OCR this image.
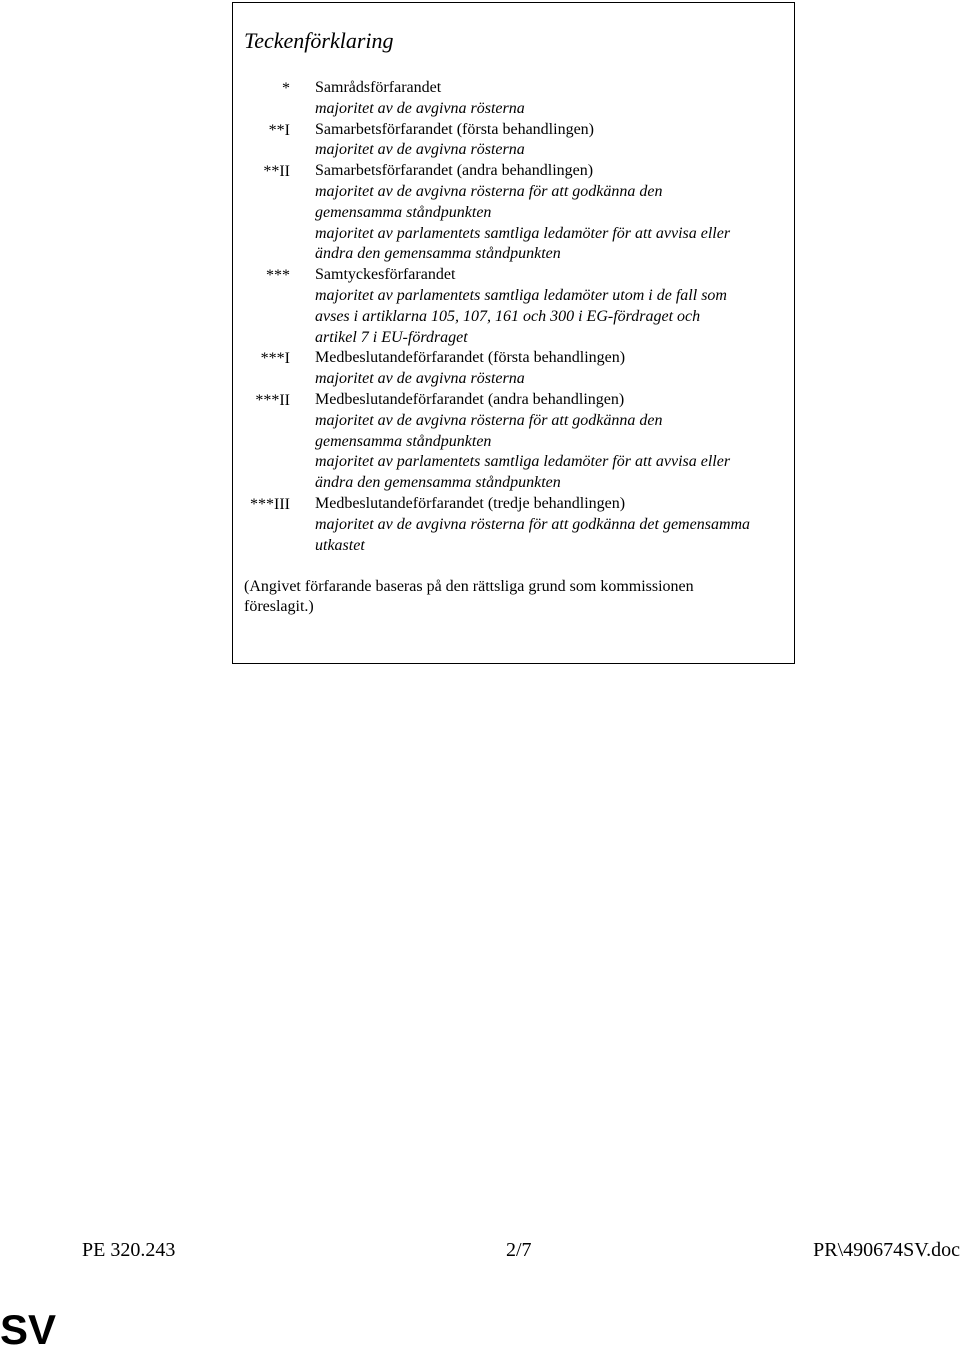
Teckenförklaring
* Samrådsförfarandet
majoritet av de avgivna rösterna
**I Samarbetsförfarandet (första behandlingen)
majoritet av de avgivna rösterna
**II Samarbetsförfarandet (andra behandlingen)
majoritet av de avgivna rösterna för att godkänna den
gemensamma ståndpunkten
majoritet av parlamentets samtliga ledamöter för att avvisa eller
ändra den gemensamma ståndpunkten
*** Samtyckesförfarandet
majoritet av parlamentets samtliga ledamöter utom i de fall som
avses i artiklarna 105, 107, 161 och 300 i EG-fördraget och
artikel 7 i EU-fördraget
***I Medbeslutandeförfarandet (första behandlingen)
majoritet av de avgivna rösterna
***II Medbeslutandeförfarandet (andra behandlingen)
majoritet av de avgivna rösterna för att godkänna den
gemensamma ståndpunkten
majoritet av parlamentets samtliga ledamöter för att avvisa eller
ändra den gemensamma ståndpunkten
***III Medbeslutandeförfarandet (tredje behandlingen)
majoritet av de avgivna rösterna för att godkänna det gemensamma
utkastet
(Angivet förfarande baseras på den rättsliga grund som kommissionen
föreslagit.)
PE 320.243	2/7	PR\490674SV.doc
SV
